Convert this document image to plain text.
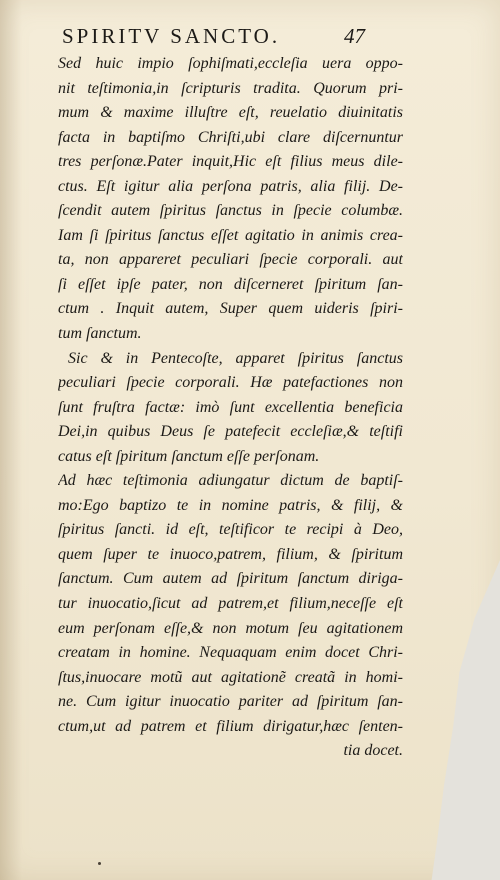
SPIRITV SANCTO.	47
Sed huic impio ſophiſmati,eccleſia uera oppo-
nit teſtimonia,in ſcripturis tradita. Quorum pri-
mum & maxime illuſtre eſt, reuelatio diuinitatis
facta in baptiſmo Chriſti,ubi clare diſcernuntur
tres perſonæ.Pater inquit,Hic eſt filius meus dile-
ctus. Eſt igitur alia perſona patris, alia filij. De-
ſcendit autem ſpiritus ſanctus in ſpecie columbæ.
Iam ſi ſpiritus ſanctus eſſet agitatio in animis crea-
ta, non appareret peculiari ſpecie corporali. aut
ſi eſſet ipſe pater, non diſcerneret ſpiritum ſan-
ctum . Inquit autem, Super quem uideris ſpiri-
tum ſanctum.
Sic & in Pentecoſte, apparet ſpiritus ſanctus
peculiari ſpecie corporali. Hæ patefactiones non
ſunt fruſtra factæ: imò ſunt excellentia beneficia
Dei,in quibus Deus ſe patefecit eccleſiæ,& teſtifi
catus eſt ſpiritum ſanctum eſſe perſonam.
Ad hæc teſtimonia adiungatur dictum de baptiſ-
mo:Ego baptizo te in nomine patris, & filij, &
ſpiritus ſancti. id eſt, teſtificor te recipi à Deo,
quem ſuper te inuoco,patrem, filium, & ſpiritum
ſanctum. Cum autem ad ſpiritum ſanctum diriga-
tur inuocatio,ſicut ad patrem,et filium,neceſſe eſt
eum perſonam eſſe,& non motum ſeu agitationem
creatam in homine. Nequaquam enim docet Chri-
ſtus,inuocare motũ aut agitationẽ creatã in homi-
ne. Cum igitur inuocatio pariter ad ſpiritum ſan-
ctum,ut ad patrem et filium dirigatur,hæc ſenten-
tia docet.
